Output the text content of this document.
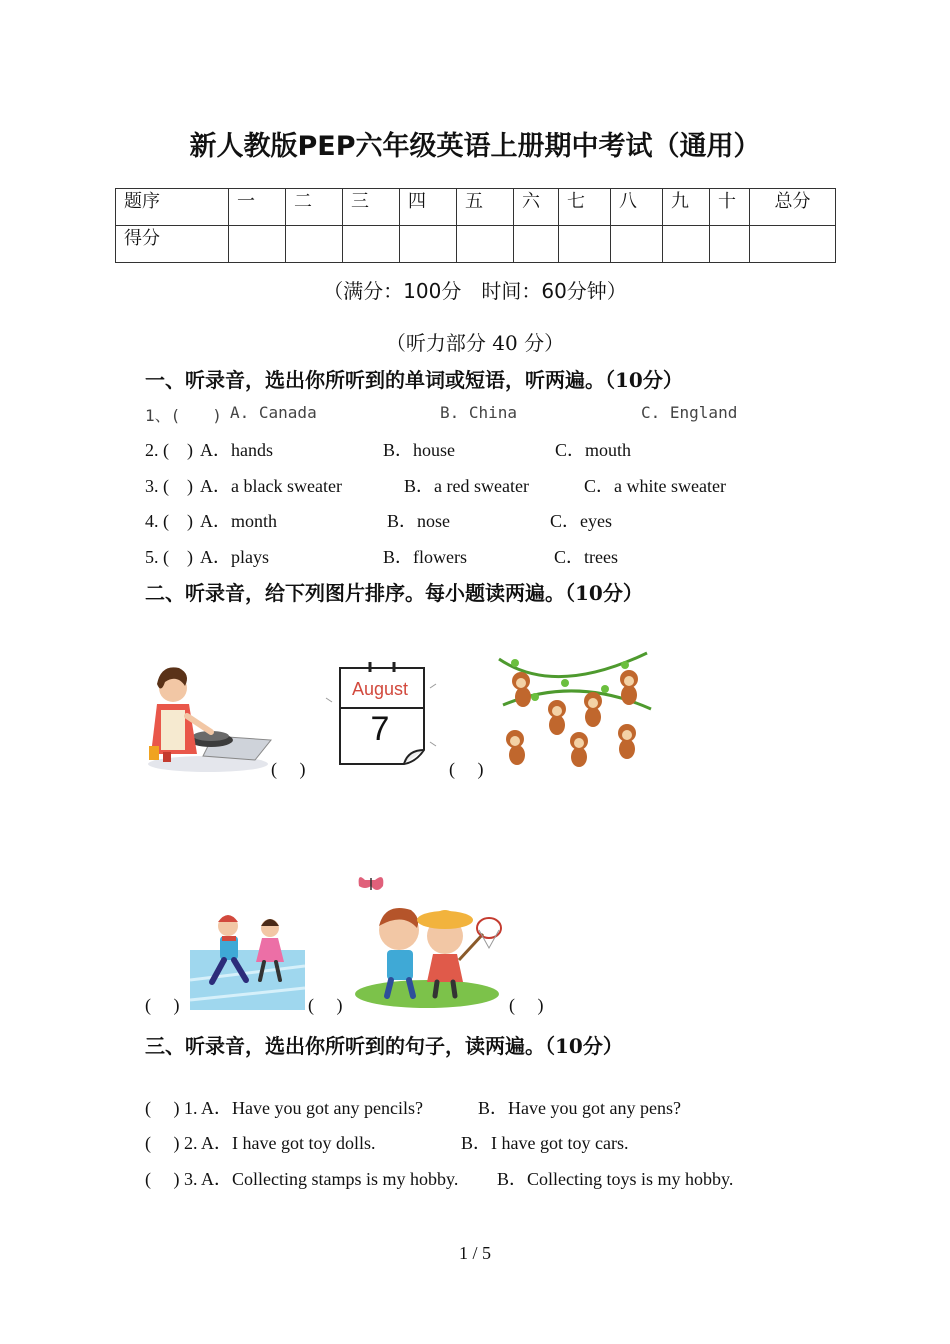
新人教版PEP六年级英语上册期中考试（通用）
题序	一	二	三	四	五	六	七	八	九	十	总分
得分											
（满分：100分　时间：60分钟）
（听力部分 40 分）
一、听录音，选出你所听到的单词或短语，听两遍。（10分）
1、(　　) A. Canada	B. China	C. England
2. (　) A．hands	B．house	C．mouth
3. (　) A．a black sweater	B．a red sweater	C．a white sweater
4. (　) A．month	B．nose	C．eyes
5. (　) A．plays	B．flowers	C．trees
二、听录音，给下列图片排序。每小题读两遍。（10分）
(　 )
August
7
(　 )
(　 )	(　 )	(　 )
三、听录音，选出你所听到的句子，读两遍。（10分）
(　 ) 1. A．Have you got any pencils?	B．Have you got any pens?
(　 ) 2. A．I have got toy dolls.	B．I have got toy cars.
(　 ) 3. A．Collecting stamps is my hobby. B．Collecting toys is my hobby.
1 / 5
